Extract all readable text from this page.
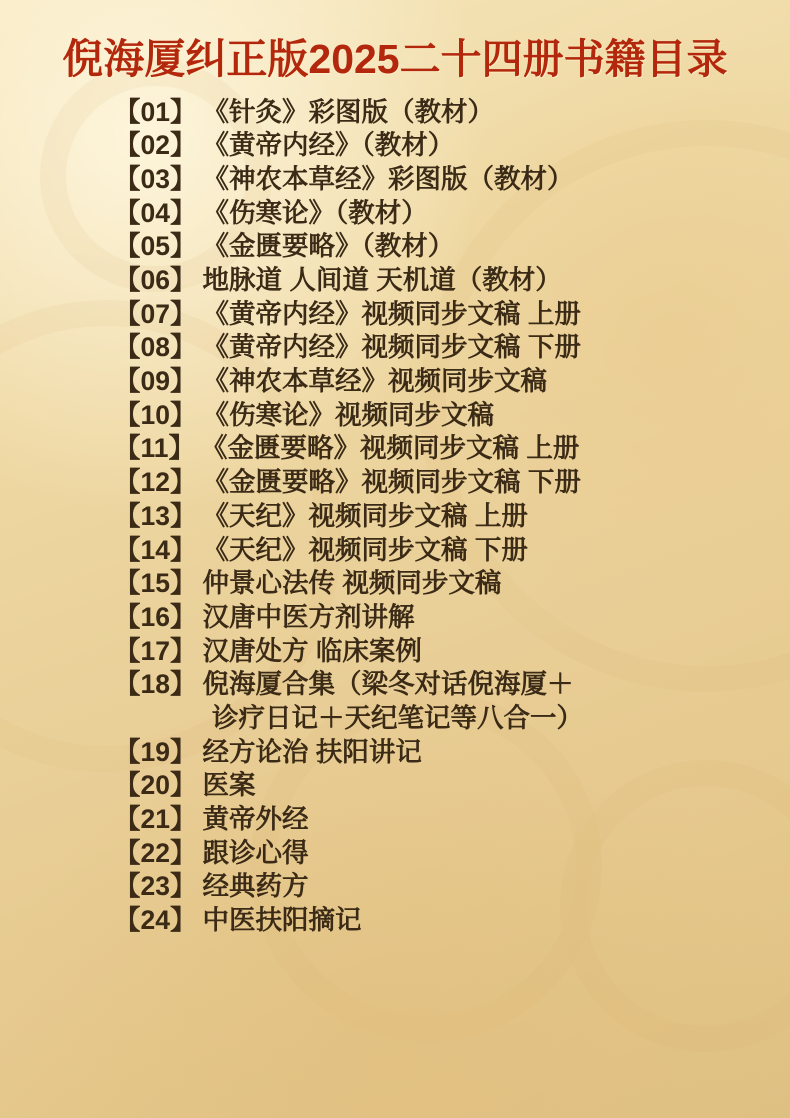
倪海厦纠正版2025二十四册书籍目录
【01】 《针灸》彩图版（教材）
【02】 《黄帝内经》（教材）
【03】 《神农本草经》彩图版（教材）
【04】 《伤寒论》（教材）
【05】 《金匮要略》（教材）
【06】 地脉道 人间道 天机道（教材）
【07】 《黄帝内经》视频同步文稿 上册
【08】 《黄帝内经》视频同步文稿 下册
【09】 《神农本草经》视频同步文稿
【10】 《伤寒论》视频同步文稿
【11】 《金匮要略》视频同步文稿 上册
【12】 《金匮要略》视频同步文稿 下册
【13】 《天纪》视频同步文稿 上册
【14】 《天纪》视频同步文稿 下册
【15】 仲景心法传 视频同步文稿
【16】 汉唐中医方剂讲解
【17】 汉唐处方 临床案例
【18】 倪海厦合集（梁冬对话倪海厦＋
诊疗日记＋天纪笔记等八合一）
【19】 经方论治 扶阳讲记
【20】 医案
【21】 黄帝外经
【22】 跟诊心得
【23】 经典药方
【24】 中医扶阳摘记
